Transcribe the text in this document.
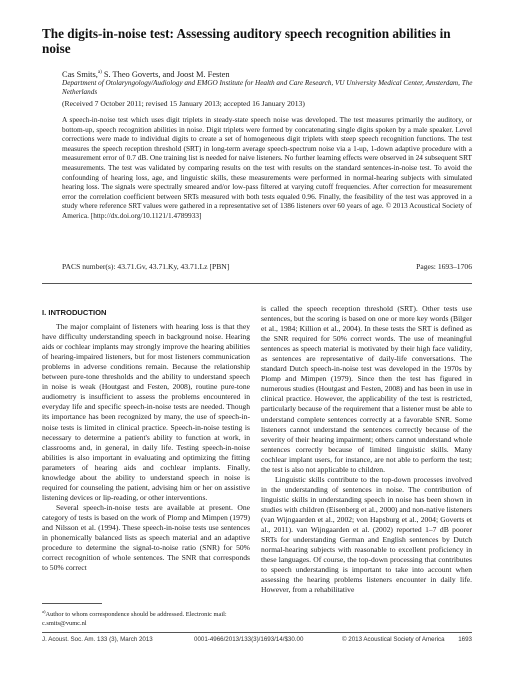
The digits-in-noise test: Assessing auditory speech recognition abilities in noise
Cas Smits,$^{a)}$ S. Theo Goverts, and Joost M. Festen
Department of Otolaryngology/Audiology and EMGO Institute for Health and Care Research, VU University Medical Center, Amsterdam, The Netherlands
(Received 7 October 2011; revised 15 January 2013; accepted 16 January 2013)
A speech-in-noise test which uses digit triplets in steady-state speech noise was developed. The test measures primarily the auditory, or bottom-up, speech recognition abilities in noise. Digit triplets were formed by concatenating single digits spoken by a male speaker. Level corrections were made to individual digits to create a set of homogeneous digit triplets with steep speech recognition functions. The test measures the speech reception threshold (SRT) in long-term average speech-spectrum noise via a 1-up, 1-down adaptive procedure with a measurement error of 0.7 dB. One training list is needed for naive listeners. No further learning effects were observed in 24 subsequent SRT measurements. The test was validated by comparing results on the test with results on the standard sentences-in-noise test. To avoid the confounding of hearing loss, age, and linguistic skills, these measurements were performed in normal-hearing subjects with simulated hearing loss. The signals were spectrally smeared and/or low-pass filtered at varying cutoff frequencies. After correction for measurement error the correlation coefficient between SRTs measured with both tests equaled 0.96. Finally, the feasibility of the test was approved in a study where reference SRT values were gathered in a representative set of 1386 listeners over 60 years of age. © 2013 Acoustical Society of America. [http://dx.doi.org/10.1121/1.4789933]
PACS number(s): 43.71.Gv, 43.71.Ky, 43.71.Lz [PBN]	Pages: 1693–1706

I. INTRODUCTION

The major complaint of listeners with hearing loss is that they have difficulty understanding speech in background noise. Hearing aids or cochlear implants may strongly improve the hearing abilities of hearing-impaired listeners, but for most listeners communication problems in adverse conditions remain. Because the relationship between pure-tone thresholds and the ability to understand speech in noise is weak (Houtgast and Festen, 2008), routine pure-tone audiometry is insufficient to assess the problems encountered in everyday life and specific speech-in-noise tests are needed. Though its importance has been recognized by many, the use of speech-in-noise tests is limited in clinical practice. Speech-in-noise testing is necessary to determine a patient's ability to function at work, in classrooms and, in general, in daily life. Testing speech-in-noise abilities is also important in evaluating and optimizing the fitting parameters of hearing aids and cochlear implants. Finally, knowledge about the ability to understand speech in noise is required for counseling the patient, advising him or her on assistive listening devices or lip-reading, or other interventions.

Several speech-in-noise tests are available at present. One category of tests is based on the work of Plomp and Mimpen (1979) and Nilsson et al. (1994). These speech-in-noise tests use sentences in phonemically balanced lists as speech material and an adaptive procedure to determine the signal-to-noise ratio (SNR) for 50% correct recognition of whole sentences. The SNR that corresponds to 50% correct

is called the speech reception threshold (SRT). Other tests use sentences, but the scoring is based on one or more key words (Bilger et al., 1984; Killion et al., 2004). In these tests the SRT is defined as the SNR required for 50% correct words. The use of meaningful sentences as speech material is motivated by their high face validity, as sentences are representative of daily-life conversations. The standard Dutch speech-in-noise test was developed in the 1970s by Plomp and Mimpen (1979). Since then the test has figured in numerous studies (Houtgast and Festen, 2008) and has been in use in clinical practice. However, the applicability of the test is restricted, particularly because of the requirement that a listener must be able to understand complete sentences correctly at a favorable SNR. Some listeners cannot understand the sentences correctly because of the severity of their hearing impairment; others cannot understand whole sentences correctly because of limited linguistic skills. Many cochlear implant users, for instance, are not able to perform the test; the test is also not applicable to children.

Linguistic skills contribute to the top-down processes involved in the understanding of sentences in noise. The contribution of linguistic skills in understanding speech in noise has been shown in studies with children (Eisenberg et al., 2000) and non-native listeners (van Wijngaarden et al., 2002; von Hapsburg et al., 2004; Goverts et al., 2011). van Wijngaarden et al. (2002) reported 1–7 dB poorer SRTs for understanding German and English sentences by Dutch normal-hearing subjects with reasonable to excellent proficiency in these languages. Of course, the top-down processing that contributes to speech understanding is important to take into account when assessing the hearing problems listeners encounter in daily life. However, from a rehabilitative

$^{a)}$Author to whom correspondence should be addressed. Electronic mail: c.smits@vumc.nl
J. Acoust. Soc. Am. 133 (3), March 2013	0001-4966/2013/133(3)/1693/14/$30.00	© 2013 Acoustical Society of America 1693
